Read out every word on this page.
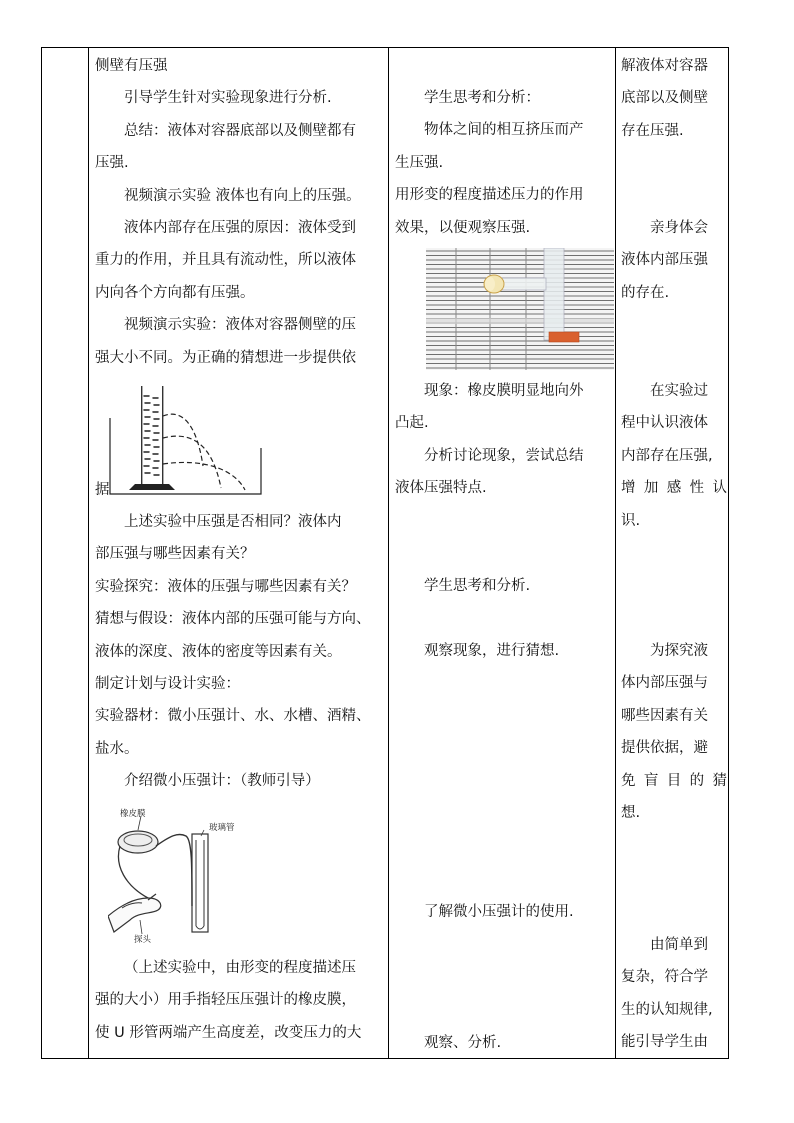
侧壁有压强
引导学生针对实验现象进行分析.
总结：液体对容器底部以及侧壁都有
压强.
视频演示实验 液体也有向上的压强。
液体内部存在压强的原因：液体受到
重力的作用，并且具有流动性，所以液体
内向各个方向都有压强。
视频演示实验：液体对容器侧壁的压
强大小不同。为正确的猜想进一步提供依
据
上述实验中压强是否相同？液体内
部压强与哪些因素有关？
实验探究：液体的压强与哪些因素有关？
猜想与假设：液体内部的压强可能与方向、
液体的深度、液体的密度等因素有关。
制定计划与设计实验：
实验器材：微小压强计、水、水槽、酒精、
盐水。
介绍微小压强计：（教师引导）
橡皮膜
玻璃管
探头
（上述实验中，由形变的程度描述压
强的大小）用手指轻压压强计的橡皮膜，
使 U 形管两端产生高度差，改变压力的大
学生思考和分析：
物体之间的相互挤压而产
生压强.
用形变的程度描述压力的作用
效果，以便观察压强.
现象：橡皮膜明显地向外
凸起.
分析讨论现象，尝试总结
液体压强特点.
学生思考和分析.
观察现象，进行猜想.
了解微小压强计的使用.
观察、分析.
解液体对容器
底部以及侧壁
存在压强.
亲身体会
液体内部压强
的存在.
在实验过
程中认识液体
内部存在压强,
增加感性认
识.
为探究液
体内部压强与
哪些因素有关
提供依据，避
免盲目的猜
想.
由简单到
复杂，符合学
生的认知规律,
能引导学生由
